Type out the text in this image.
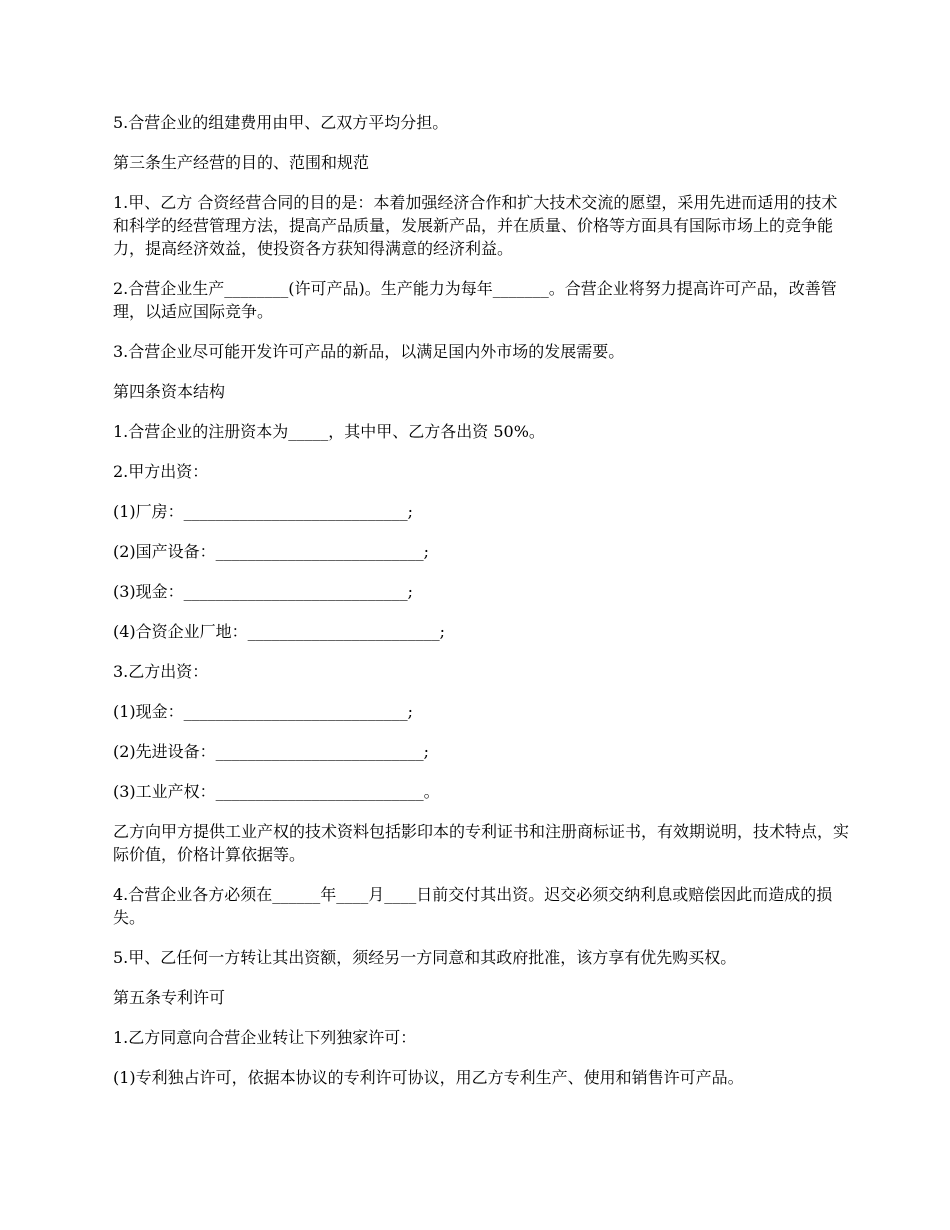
5.合营企业的组建费用由甲、乙双方平均分担。

第三条生产经营的目的、范围和规范

1.甲、乙方 合资经营合同的目的是：本着加强经济合作和扩大技术交流的愿望，采用先进而适用的技术和科学的经营管理方法，提高产品质量，发展新产品，并在质量、价格等方面具有国际市场上的竞争能力，提高经济效益，使投资各方获知得满意的经济利益。

2.合营企业生产________(许可产品)。生产能力为每年_______。合营企业将努力提高许可产品，改善管理，以适应国际竞争。

3.合营企业尽可能开发许可产品的新品，以满足国内外市场的发展需要。

第四条资本结构

1.合营企业的注册资本为_____，其中甲、乙方各出资 50%。

2.甲方出资：

(1)厂房：____________________________;

(2)国产设备：__________________________;

(3)现金：____________________________;

(4)合资企业厂地：________________________;

3.乙方出资：

(1)现金：____________________________;

(2)先进设备：__________________________;

(3)工业产权：__________________________。

乙方向甲方提供工业产权的技术资料包括影印本的专利证书和注册商标证书，有效期说明，技术特点，实际价值，价格计算依据等。

4.合营企业各方必须在______年____月____日前交付其出资。迟交必须交纳利息或赔偿因此而造成的损失。

5.甲、乙任何一方转让其出资额，须经另一方同意和其政府批准，该方享有优先购买权。

第五条专利许可

1.乙方同意向合营企业转让下列独家许可：

(1)专利独占许可，依据本协议的专利许可协议，用乙方专利生产、使用和销售许可产品。
